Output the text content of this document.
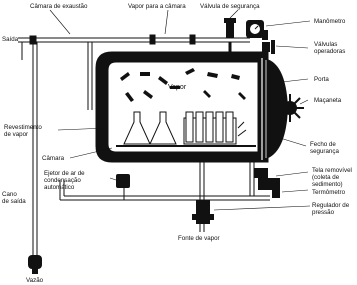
Câmara de exaustão	Vapor para a câmara Válvula de segurança
Manômetro
Saída
Válvulas
operadoras
Porta
Vapor
Maçaneta
Revestimento
de vapor
Fecho de
segurança
Câmara
Ejetor de ar de
condensação
automático
Tela removível
(coleta de
sedimento)
Termômetro
Cano
de saída
Regulador de
pressão
Vazão
Fonte de vapor
